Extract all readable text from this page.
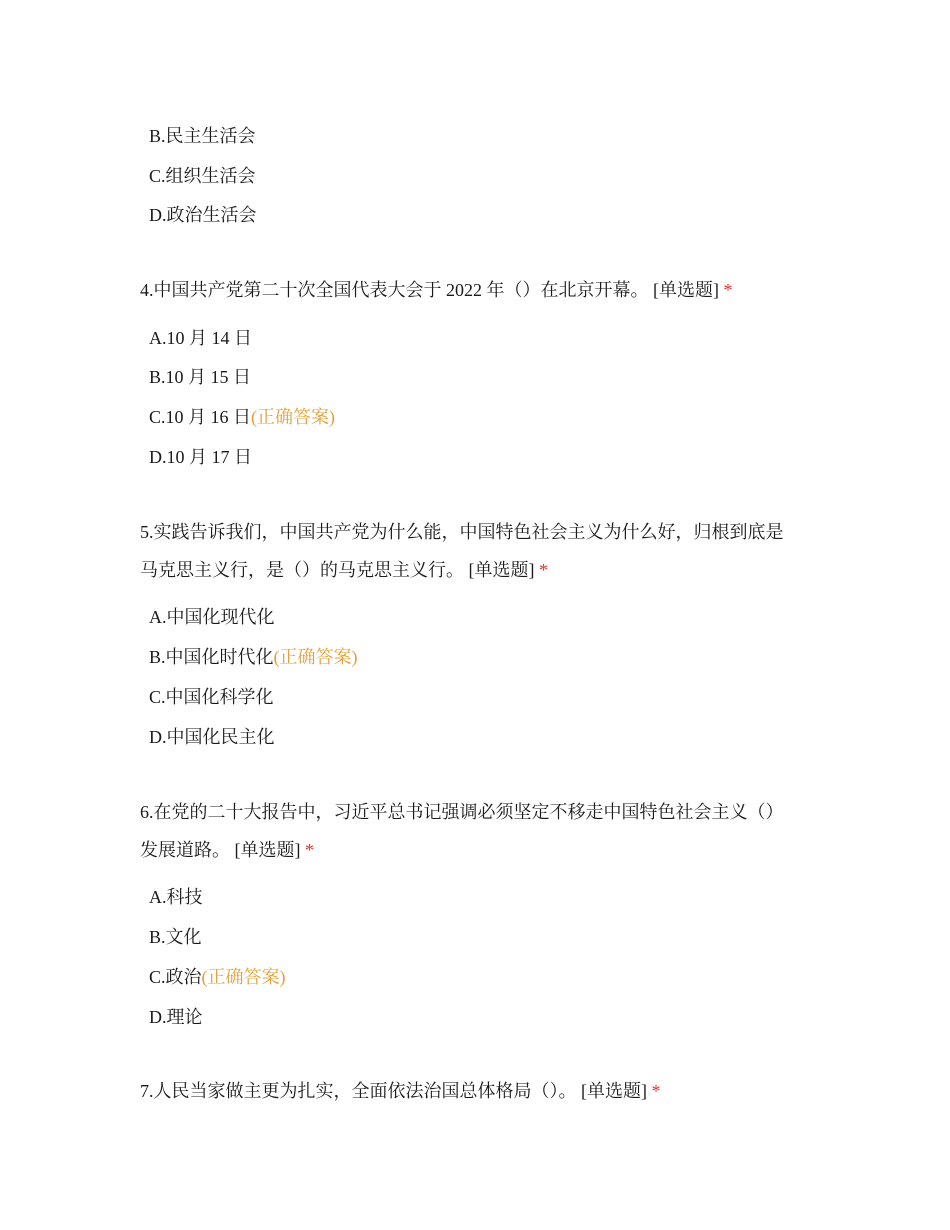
B.民主生活会
C.组织生活会
D.政治生活会
4.中国共产党第二十次全国代表大会于 2022 年（）在北京开幕。 [单选题] *
A.10 月 14 日
B.10 月 15 日
C.10 月 16 日(正确答案)
D.10 月 17 日
5.实践告诉我们，中国共产党为什么能，中国特色社会主义为什么好，归根到底是
马克思主义行，是（）的马克思主义行。 [单选题] *
A.中国化现代化
B.中国化时代化(正确答案)
C.中国化科学化
D.中国化民主化
6.在党的二十大报告中，习近平总书记强调必须坚定不移走中国特色社会主义（）
发展道路。 [单选题] *
A.科技
B.文化
C.政治(正确答案)
D.理论
7.人民当家做主更为扎实，全面依法治国总体格局（）。 [单选题] *
